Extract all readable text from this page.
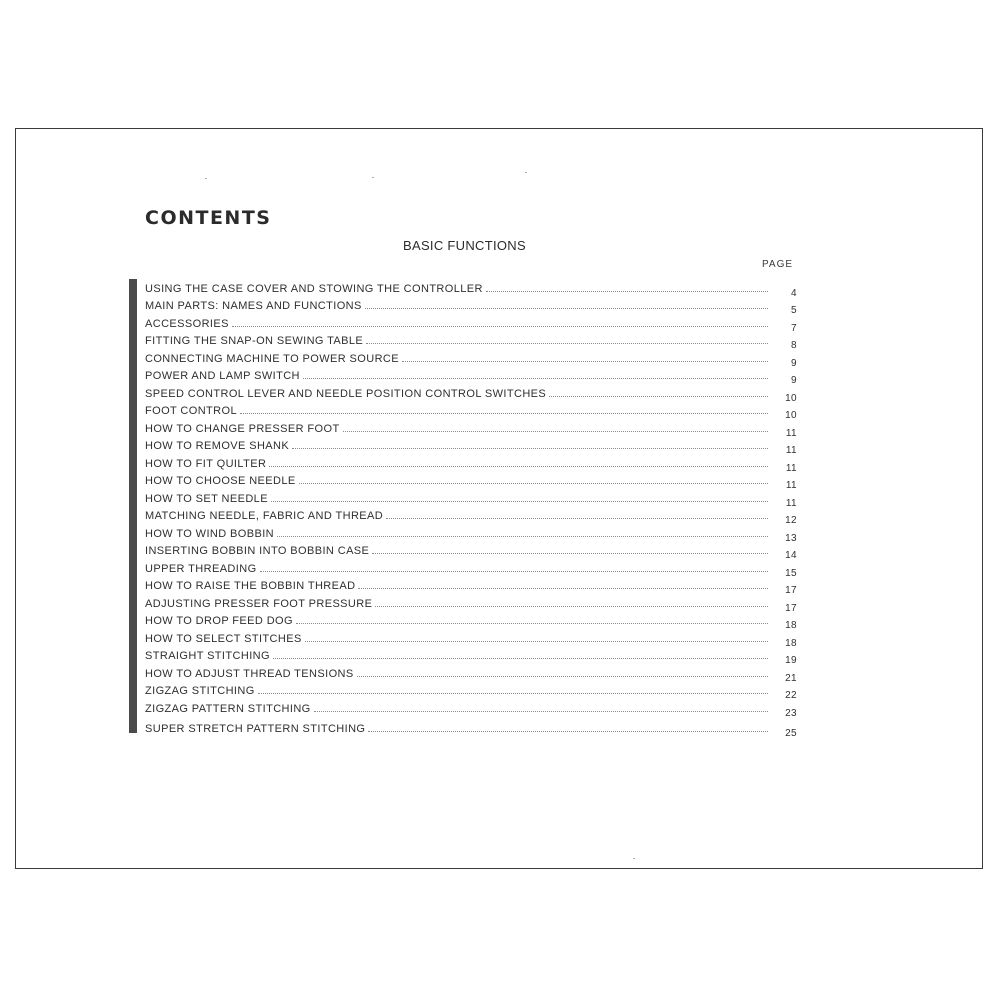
CONTENTS
BASIC FUNCTIONS
PAGE
USING THE CASE COVER AND STOWING THE CONTROLLER	4
MAIN PARTS: NAMES AND FUNCTIONS	5
ACCESSORIES	7
FITTING THE SNAP-ON SEWING TABLE	8
CONNECTING MACHINE TO POWER SOURCE	9
POWER AND LAMP SWITCH	9
SPEED CONTROL LEVER AND NEEDLE POSITION CONTROL SWITCHES	10
FOOT CONTROL	10
HOW TO CHANGE PRESSER FOOT	11
HOW TO REMOVE SHANK	11
HOW TO FIT QUILTER	11
HOW TO CHOOSE NEEDLE	11
HOW TO SET NEEDLE	11
MATCHING NEEDLE, FABRIC AND THREAD	12
HOW TO WIND BOBBIN	13
INSERTING BOBBIN INTO BOBBIN CASE	14
UPPER THREADING	15
HOW TO RAISE THE BOBBIN THREAD	17
ADJUSTING PRESSER FOOT PRESSURE	17
HOW TO DROP FEED DOG	18
HOW TO SELECT STITCHES	18
STRAIGHT STITCHING	19
HOW TO ADJUST THREAD TENSIONS	21
ZIGZAG STITCHING	22
ZIGZAG PATTERN STITCHING	23
SUPER STRETCH PATTERN STITCHING	25
